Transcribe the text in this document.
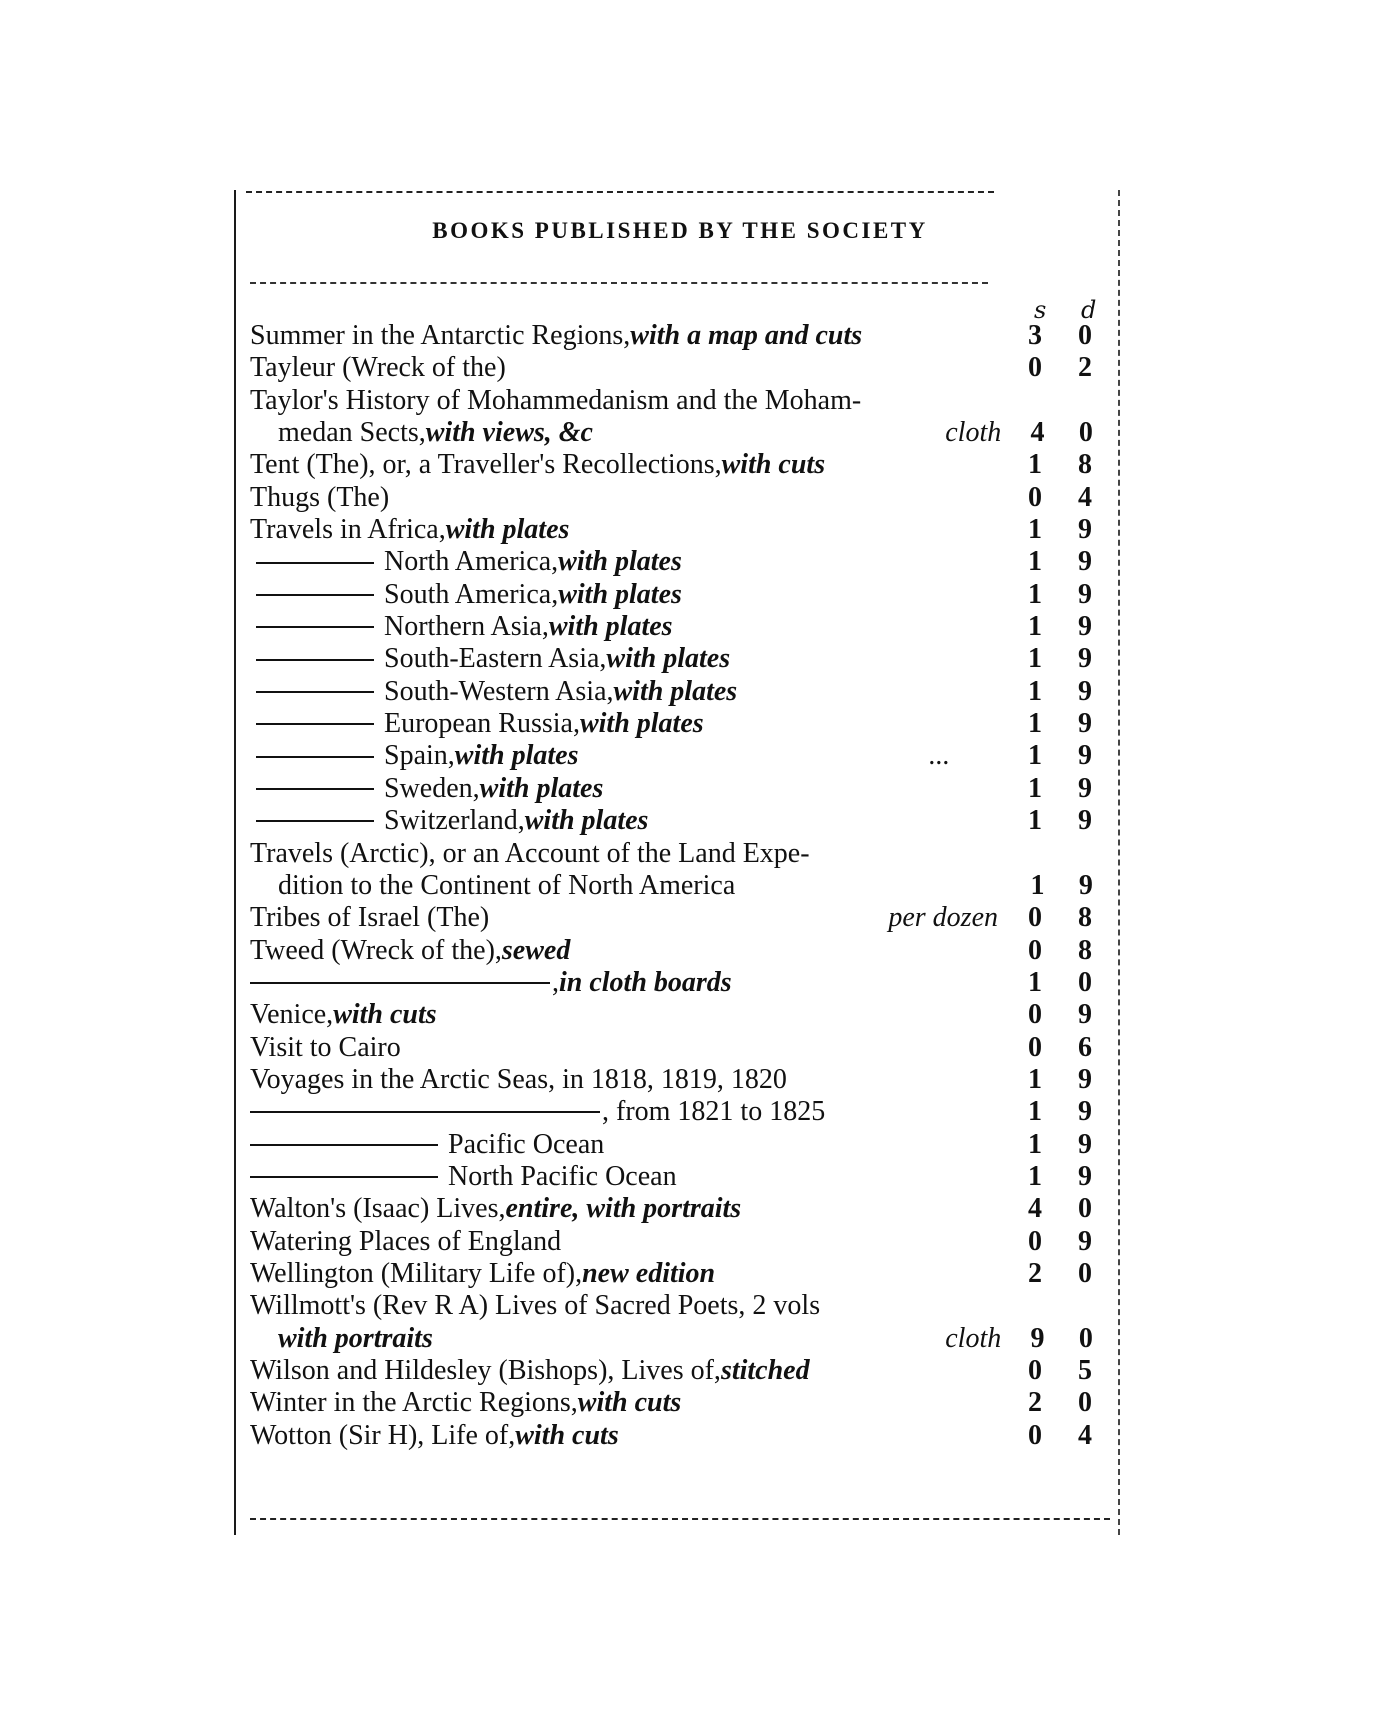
BOOKS PUBLISHED BY THE SOCIETY
s d
Summer in the Antarctic Regions, with a map and cuts	3	0
Tayleur (Wreck of the)	0	2
Taylor's History of Mohammedanism and the Moham-
medan Sects, with views, &c	cloth	4	0
Tent (The), or, a Traveller's Recollections, with cuts	1	8
Thugs (The)	0	4
Travels in Africa, with plates	1	9
North America, with plates	1	9
South America, with plates	1	9
Northern Asia, with plates	1	9
South-Eastern Asia, with plates	1	9
South-Western Asia, with plates	1	9
European Russia, with plates	1	9
Spain, with plates	...	1	9
Sweden, with plates	1	9
Switzerland, with plates	1	9
Travels (Arctic), or an Account of the Land Expe-
dition to the Continent of North America	1	9
Tribes of Israel (The)	per dozen	0	8
Tweed (Wreck of the), sewed	0	8
, in cloth boards	1	0
Venice, with cuts	0	9
Visit to Cairo	0	6
Voyages in the Arctic Seas, in 1818, 1819, 1820	1	9
, from 1821 to 1825	1	9
Pacific Ocean	1	9
North Pacific Ocean	1	9
Walton's (Isaac) Lives, entire, with portraits	4	0
Watering Places of England	0	9
Wellington (Military Life of), new edition	2	0
Willmott's (Rev R A) Lives of Sacred Poets, 2 vols
with portraits	cloth	9	0
Wilson and Hildesley (Bishops), Lives of, stitched	0	5
Winter in the Arctic Regions, with cuts	2	0
Wotton (Sir H), Life of, with cuts	0	4
